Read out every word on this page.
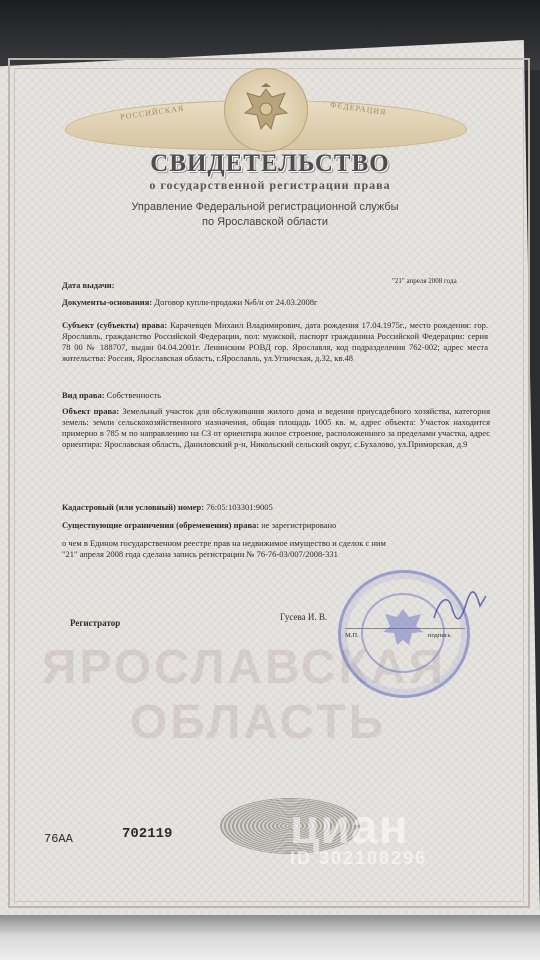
РОССИЙСКАЯ	ФЕДЕРАЦИЯ
СВИДЕТЕЛЬСТВО
о государственной регистрации права
Управление Федеральной регистрационной службы
по Ярославской области
ЯРОСЛАВСКАЯ
ОБЛАСТЬ
Дата выдачи:	"21" апреля 2008 года
Документы-основания: Договор купли-продажи №б/н от 24.03.2008г
Субъект (субъекты) права: Карачевцев Михаил Владимирович, дата рождения 17.04.1975г., место рождения: гор. Ярославль, гражданство Российской Федерации, пол: мужской, паспорт гражданина Российской Федерации: серия 78 00 № 188707, выдан 04.04.2001г. Ленинским РОВД гор. Ярославля, код подразделения 762-002; адрес места жительства: Россия, Ярославская область, г.Ярославль, ул.Угличская, д.32, кв.48
Вид права: Собственность
Объект права: Земельный участок для обслуживания жилого дома и ведения приусадебного хозяйства, категория земель: земли сельскохозяйственного назначения, общая площадь 1005 кв. м, адрес объекта: Участок находится примерно в 785 м по направлению на СЗ от ориентира жилое строение, расположенного за пределами участка, адрес ориентира: Ярославская область, Даниловский р-н, Никольский сельский округ, с.Бухалово, ул.Приморская, д.9
Кадастровый (или условный) номер: 76:05:103301:9005
Существующие ограничения (обременения) права: не зарегистрировано
о чем в Едином государственном реестре прав на недвижимое имущество и сделок с ним
"21" апреля 2008 года сделана запись регистрации № 76-76-03/007/2008-331
Регистратор
Гусева И. В.
М.П.	подпись
76АА	702119 циан
ID 302108296
